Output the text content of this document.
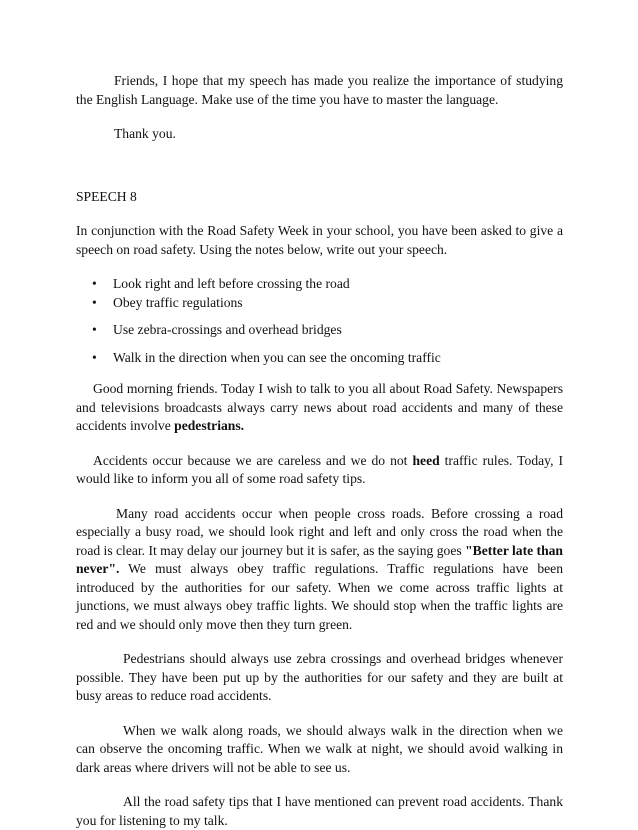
Friends, I hope that my speech has made you realize the importance of studying the English Language. Make use of the time you have to master the language.

Thank you.

SPEECH 8

In conjunction with the Road Safety Week in your school, you have been asked to give a speech on road safety. Using the notes below, write out your speech.

• Look right and left before crossing the road
• Obey traffic regulations
• Use zebra-crossings and overhead bridges
• Walk in the direction when you can see the oncoming traffic

Good morning friends. Today I wish to talk to you all about Road Safety. Newspapers and televisions broadcasts always carry news about road accidents and many of these accidents involve pedestrians.

Accidents occur because we are careless and we do not heed traffic rules. Today, I would like to inform you all of some road safety tips.

Many road accidents occur when people cross roads. Before crossing a road especially a busy road, we should look right and left and only cross the road when the road is clear. It may delay our journey but it is safer, as the saying goes "Better late than never". We must always obey traffic regulations. Traffic regulations have been introduced by the authorities for our safety. When we come across traffic lights at junctions, we must always obey traffic lights. We should stop when the traffic lights are red and we should only move then they turn green.

Pedestrians should always use zebra crossings and overhead bridges whenever possible. They have been put up by the authorities for our safety and they are built at busy areas to reduce road accidents.

When we walk along roads, we should always walk in the direction when we can observe the oncoming traffic. When we walk at night, we should avoid walking in dark areas where drivers will not be able to see us.

All the road safety tips that I have mentioned can prevent road accidents. Thank you for listening to my talk.
